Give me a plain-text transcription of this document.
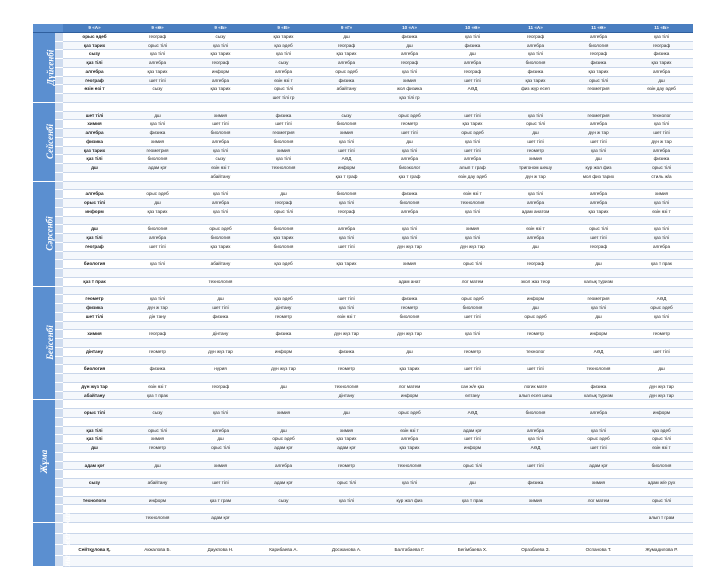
		9 «А»	9 «Ә»	9 «Б»	9 «В»	9 «Г»	10 «А»	10 «Ә»	11 «А»	11 «Ә»	11 «Б»
Дүйсенбі		орыс әдеб	географ	сызу	қаз тарих	дш	физика	қаз тілі	географ	алгебра	қаз тілі
		қаз тарих	орыс тілі	қаз тілі	қаз әдеб	географ	дш	физика	алгебра	биология	географ
		сызу	қаз тілі	қаз тарих	қаз тілі	қаз тарих	алгебра	дш	қаз тілі	географ	физика
		қаз тілі	алгебра	географ	сызу	алгебра	географ	алгебра	биология	физика	қаз тарих
		алгебра	қаз тарих	информ	алгебра	орыс әдеб	қаз тілі	географ	физика	қаз тарих	алгебра
		географ	шет тілі	алгебра	өзін өзі т	физика	химия	шет тілі	қаз тарих	орыс тілі	дш
		өзін өзі т	сызу	қаз тарих	орыс тілі	абайтану	жол физика	АӘД	физ жүр есеп	геометрия	өзін дау әдеб
					шет тілі гр		қаз тілі гр				
Сейсенбі											
		шет тілі	дш	химия	физика	сызу	орыс әдеб	шет тілі	қаз тілі	геометрия	технолог
		химия	қаз тілі	шет тілі	шет тілі	биология	геометр	қаз тарих	орыс тілі	алгебра	қаз тілі
		алгебра	физика	биология	геометрия	химия	шет тілі	орыс әдеб	дш	дүн ж тар	шет тілі
		физика	химия	алгебра	биология	қаз тілі	дш	қаз тілі	шет тілі	шет тілі	дүн ж тар
		қаз тарих	геометрия	қаз тілі	химия	шет тілі	қаз тілі	шет тілі	геометр	қаз тілі	алгебра
		қаз тілі	биология	сызу	қаз тілі	АӘД	алгебра	алгебра	химия	дш	физика
		дш	адам қоғ	өзін өзі т	технология	информ	биоэколог	алып т граф	тригоном шешу	кур жол физ	орыс тілі
				абайтану		қаз т граф	қаз т граф	өзін дау әдеб	дүн ж тар	мол физ тарих	стиль ж/а
Сәрсенбі											
		алгебра	орыс әдеб	қаз тілі	дш	биология	физика	өзін өзі т	қаз тілі	алгебра	химия
		орыс тілі	дш	алгебра	географ	қаз тілі	биология	технология	алгебра	алгебра	қаз тілі
		информ	қаз тарих	қаз тілі	орыс тілі	географ	алгебра	қаз тілі	адам анатом	қаз тарих	өзін өзі т

		дш	биология	орыс әдеб	биология	алгебра	қаз тілі	химия	өзін өзі т	орыс тілі	қаз тілі
		қаз тілі	алгебра	биология	қаз тарих	қаз тілі	қаз тілі	қаз тілі	алгебра	шет тілі	қаз тілі
		географ	шет тілі	қаз тарих	биология	шет тілі	дүн жүз тар	дүн жүз тар	дш	географ	алгебра

		биология	қаз тілі	абайтану	қаз әдеб	қаз тарих	химия	орыс тілі	географ	дш	қаз т прак

		қаз т прак		технология			адам анат	лог матем	экол жаз теор	калық туризм	
Бейсенбі											
		геометр	қаз тілі	дш	қаз әдеб	шет тілі	физика	орыс әдеб	информ	геометрия	АӘД
		физика	дүн ж тар	шет тілі	дінтану	қаз тілі	геометр	биология	дш	қаз тілі	орыс әдеб
		шет тілі	дін тану	физика	геометр	өзін өзі т	биология	шет тілі	орыс әдеб	дш	қаз тілі

		химия	географ	дінтану	физика	дүн жүз тар	дүн жүз тар	қаз тілі	геометр	информ	геометр

		дінтану	геометр	дүн жүз тар	информ	физика	дш	геометр	технолог	АӘД	шет тілі

		биология	физика	нүрия	дүн жүз тар	геометр	қаз тарих	шет тілі	шет тілі	технология	дш

		дүн жүз тар	өзін өзі т	географ	дш	технология	лог матем	сан ж/е қаз	логик мате	физика	дүн жүз тар
		абайтану	қаз т прак			дінтану	информ	өлтану	алып есеп шеш	калық туризм	дүн жүз тар
Жұма											
		орыс тілі	сызу	қаз тілі	химия	дш	орыс әдеб	АӘД	биология	алгебра	информ

		қаз тілі	орыс тілі	алгебра	дш	химия	өзін өзі т	адам қоғ	алгебра	қаз тілі	қаз әдеб
		қаз тілі	химия	дш	орыс әдеб	қаз тарих	алгебра	шет тілі	қаз тілі	орыс әдеб	орыс тілі
		дш	геометр	орыс тілі	адам қоғ	адам қоғ	қаз тарих	информ	АӘД	шет тілі	өзін өзі т

		адам қоғ	дш	химия	алгебра	геометр	технология	орыс тілі	шет тілі	адам қоғ	биология

		сызу	абайтану	шет тілі	адам қоғ	орыс тілі	қаз тілі	дш	физика	химия	адам ж/е рух

		технологи	информ	қаз т грам	сызу	қаз тілі	кур жол физ	қаз т прак	химия	лог матем	орыс тілі

			технология	адам қоғ							алып т грам
Сынып жетекші											

		Сейтқұлова Қ.	Акжалова Б.	Даукпова Н.	Карибаева А.	Досжанова А.	Балтабаева Г.	Бегімбаева Х.	Оразбаева З.	Оспанова Т.	Жумадилова Р.
